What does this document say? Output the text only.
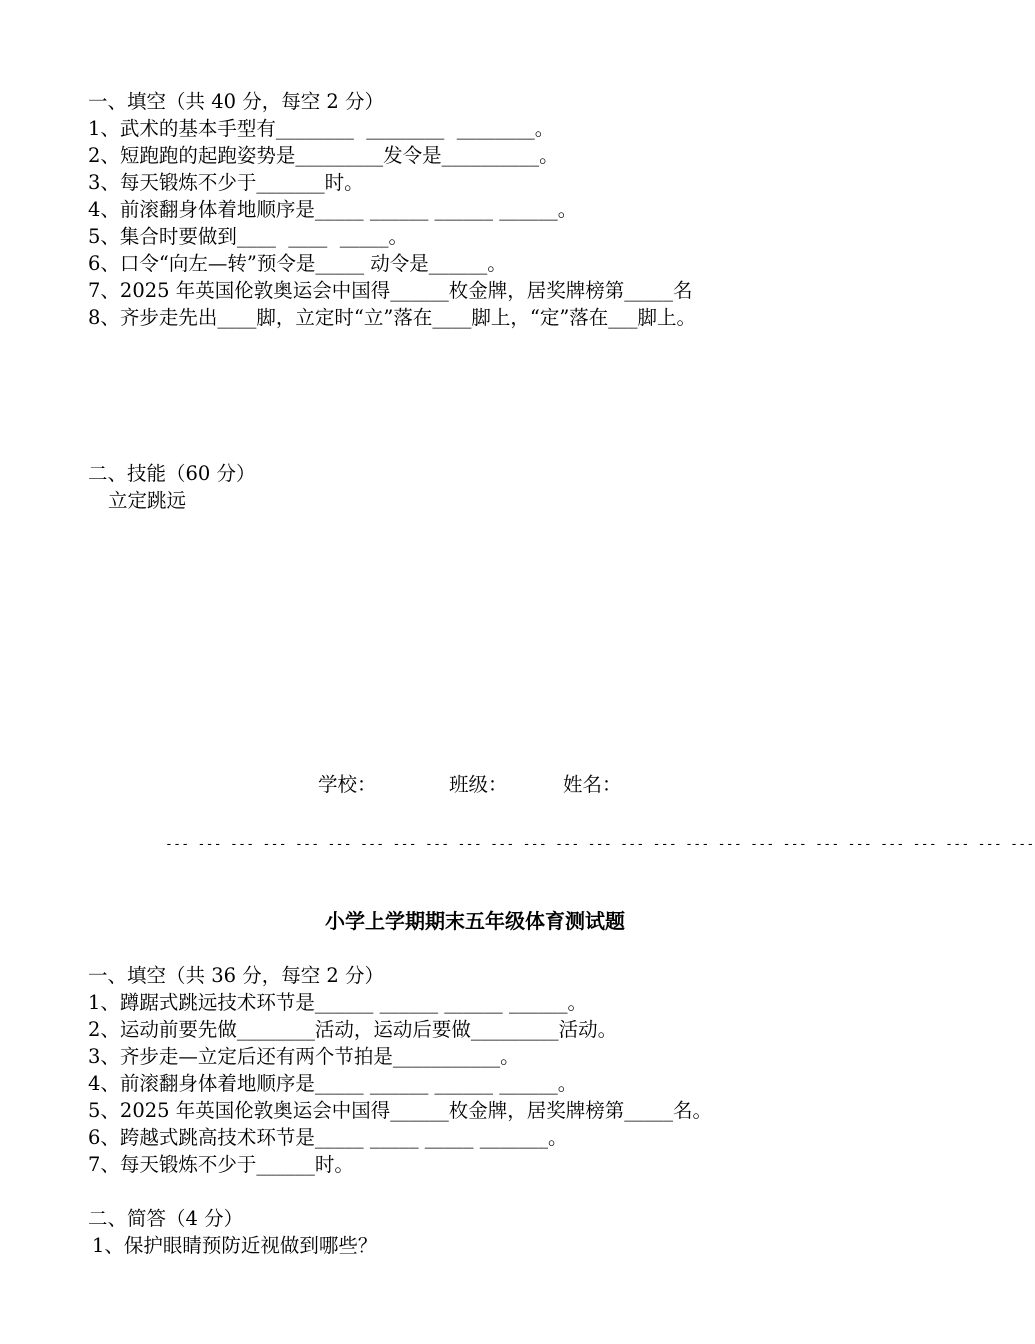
一、填空（共 40 分，每空 2 分）
1、武术的基本手型有________  ________  ________。
2、短跑跑的起跑姿势是_________发令是__________。
3、每天锻炼不少于_______时。
4、前滚翻身体着地顺序是_____ ______ ______ ______。
5、集合时要做到____  ____  _____。
6、口令“向左—转”预令是_____ 动令是______。
7、2025 年英国伦敦奥运会中国得______枚金牌，居奖牌榜第_____名
8、齐步走先出____脚，立定时“立”落在____脚上，“定”落在___脚上。
二、技能（60 分）
立定跳远
学校：	班级：	姓名：
--- --- --- --- --- --- --- --- --- --- --- --- --- --- --- --- --- --- --- --- --- --- --- --- --- --- ---
小学上学期期末五年级体育测试题
一、填空（共 36 分，每空 2 分）
1、蹲踞式跳远技术环节是______ ______ ______ ______。
2、运动前要先做________活动，运动后要做_________活动。
3、齐步走—立定后还有两个节拍是___________。
4、前滚翻身体着地顺序是_____ ______ ______ ______。
5、2025 年英国伦敦奥运会中国得______枚金牌，居奖牌榜第_____名。
6、跨越式跳高技术环节是_____ _____ _____ _______。
7、每天锻炼不少于______时。
二、简答（4 分）
1、保护眼睛预防近视做到哪些？
